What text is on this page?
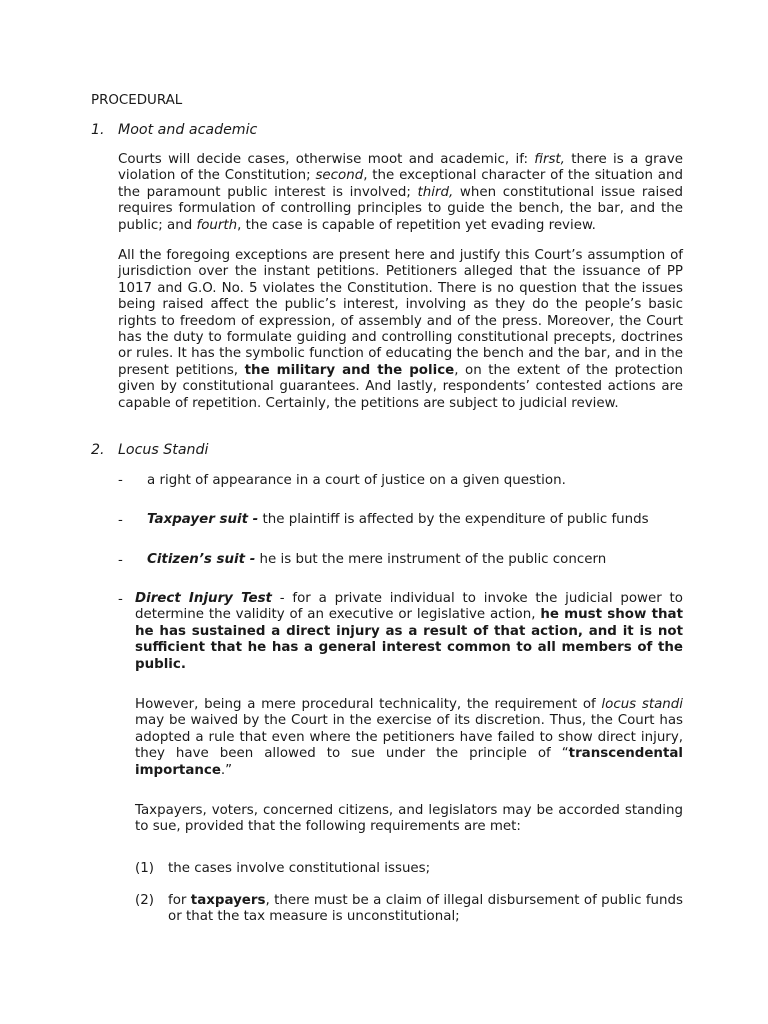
PROCEDURAL
1. Moot and academic
Courts will decide cases, otherwise moot and academic, if: first, there is a grave violation of the Constitution; second, the exceptional character of the situation and the paramount public interest is involved; third, when constitutional issue raised requires formulation of controlling principles to guide the bench, the bar, and the public; and fourth, the case is capable of repetition yet evading review.
All the foregoing exceptions are present here and justify this Court’s assumption of jurisdiction over the instant petitions. Petitioners alleged that the issuance of PP 1017 and G.O. No. 5 violates the Constitution. There is no question that the issues being raised affect the public’s interest, involving as they do the people’s basic rights to freedom of expression, of assembly and of the press. Moreover, the Court has the duty to formulate guiding and controlling constitutional precepts, doctrines or rules. It has the symbolic function of educating the bench and the bar, and in the present petitions, the military and the police, on the extent of the protection given by constitutional guarantees. And lastly, respondents’ contested actions are capable of repetition. Certainly, the petitions are subject to judicial review.
2. Locus Standi
- a right of appearance in a court of justice on a given question.
- Taxpayer suit - the plaintiff is affected by the expenditure of public funds
- Citizen’s suit - he is but the mere instrument of the public concern
- Direct Injury Test - for a private individual to invoke the judicial power to determine the validity of an executive or legislative action, he must show that he has sustained a direct injury as a result of that action, and it is not sufficient that he has a general interest common to all members of the public.
However, being a mere procedural technicality, the requirement of locus standi may be waived by the Court in the exercise of its discretion. Thus, the Court has adopted a rule that even where the petitioners have failed to show direct injury, they have been allowed to sue under the principle of “transcendental importance.”
Taxpayers, voters, concerned citizens, and legislators may be accorded standing to sue, provided that the following requirements are met:
(1) the cases involve constitutional issues;
(2) for taxpayers, there must be a claim of illegal disbursement of public funds or that the tax measure is unconstitutional;
